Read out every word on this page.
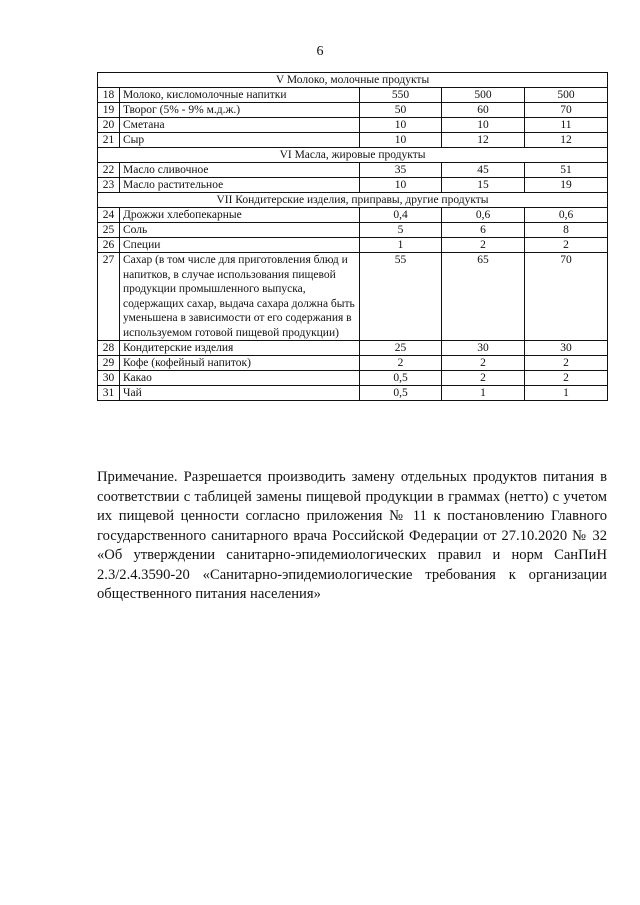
6
V Молоко, молочные продукты				
18	Молоко, кисломолочные напитки	550	500	500
19	Творог (5% - 9% м.д.ж.)	50	60	70
20	Сметана	10	10	11
21	Сыр	10	12	12
VI Масла, жировые продукты				
22	Масло сливочное	35	45	51
23	Масло растительное	10	15	19
VII Кондитерские изделия, приправы, другие продукты				
24	Дрожжи хлебопекарные	0,4	0,6	0,6
25	Соль	5	6	8
26	Специи	1	2	2
27	Сахар (в том числе для приготовления блюд и напитков, в случае использования пищевой продукции промышленного выпуска, содержащих сахар, выдача сахара должна быть уменьшена в зависимости от его содержания в используемом готовой пищевой продукции)	55	65	70
28	Кондитерские изделия	25	30	30
29	Кофе (кофейный напиток)	2	2	2
30	Какао	0,5	2	2
31	Чай	0,5	1	1
Примечание. Разрешается производить замену отдельных продуктов питания в соответствии с таблицей замены пищевой продукции в граммах (нетто) с учетом их пищевой ценности согласно приложения № 11 к постановлению Главного государственного санитарного врача Российской Федерации от 27.10.2020 № 32 «Об утверждении санитарно-эпидемиологических правил и норм СанПиН 2.3/2.4.3590-20 «Санитарно-эпидемиологические требования к организации общественного питания населения»
